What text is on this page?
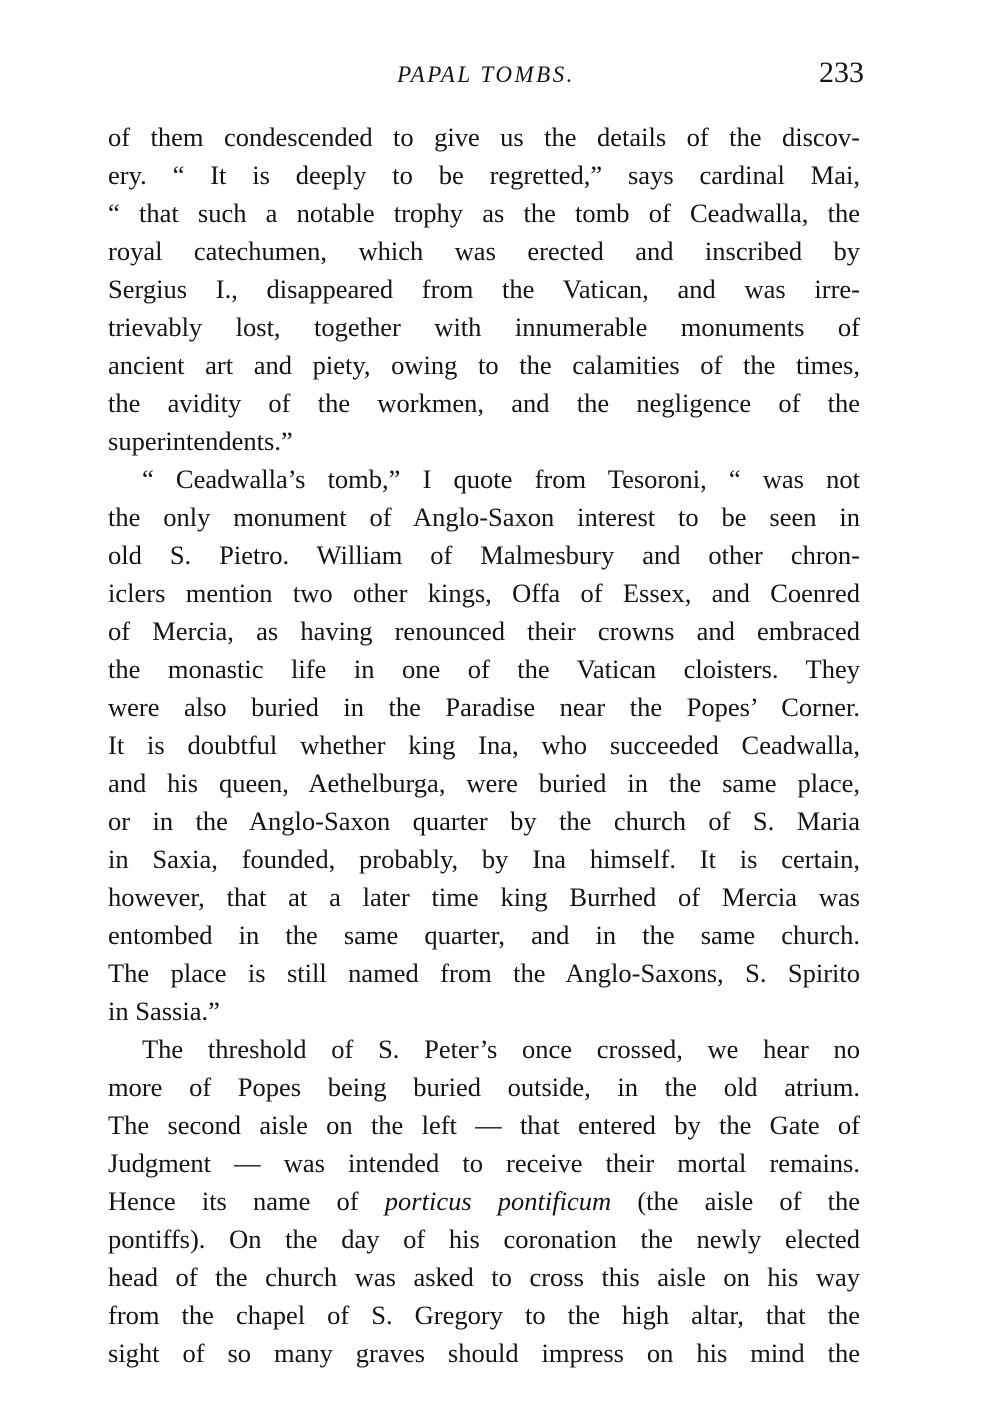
PAPAL TOMBS.	233
of them condescended to give us the details of the discov-
ery. “ It is deeply to be regretted,” says cardinal Mai,
“ that such a notable trophy as the tomb of Ceadwalla, the
royal catechumen, which was erected and inscribed by
Sergius I., disappeared from the Vatican, and was irre-
trievably lost, together with innumerable monuments of
ancient art and piety, owing to the calamities of the times,
the avidity of the workmen, and the negligence of the
superintendents.”
“ Ceadwalla’s tomb,” I quote from Tesoroni, “ was not
the only monument of Anglo-Saxon interest to be seen in
old S. Pietro. William of Malmesbury and other chron-
iclers mention two other kings, Offa of Essex, and Coenred
of Mercia, as having renounced their crowns and embraced
the monastic life in one of the Vatican cloisters. They
were also buried in the Paradise near the Popes’ Corner.
It is doubtful whether king Ina, who succeeded Ceadwalla,
and his queen, Aethelburga, were buried in the same place,
or in the Anglo-Saxon quarter by the church of S. Maria
in Saxia, founded, probably, by Ina himself. It is certain,
however, that at a later time king Burrhed of Mercia was
entombed in the same quarter, and in the same church.
The place is still named from the Anglo-Saxons, S. Spirito
in Sassia.”
The threshold of S. Peter’s once crossed, we hear no
more of Popes being buried outside, in the old atrium.
The second aisle on the left — that entered by the Gate of
Judgment — was intended to receive their mortal remains.
Hence its name of porticus pontificum (the aisle of the
pontiffs). On the day of his coronation the newly elected
head of the church was asked to cross this aisle on his way
from the chapel of S. Gregory to the high altar, that the
sight of so many graves should impress on his mind the
